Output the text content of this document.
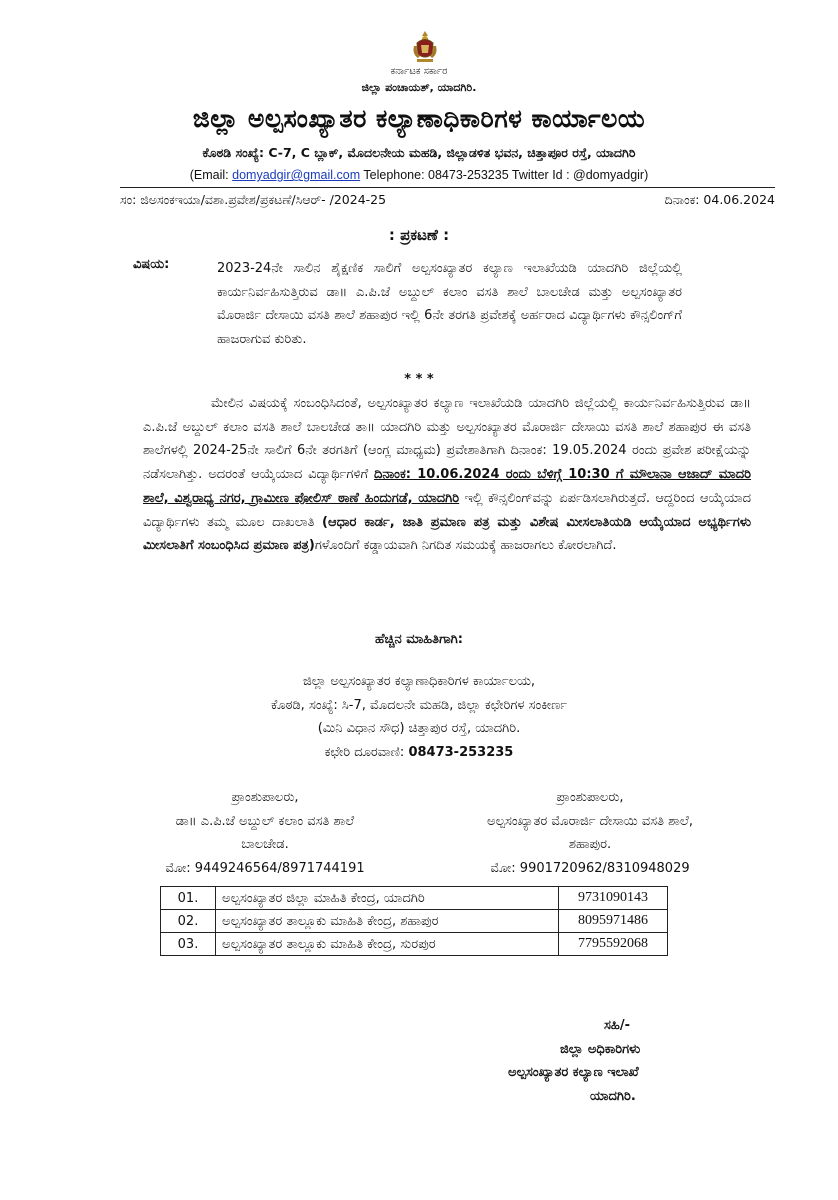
ಕರ್ನಾಟಕ ಸರ್ಕಾರ
ಜಿಲ್ಲಾ ಪಂಚಾಯತ್, ಯಾದಗಿರಿ.
ಜಿಲ್ಲಾ ಅಲ್ಪಸಂಖ್ಯಾತರ ಕಲ್ಯಾಣಾಧಿಕಾರಿಗಳ ಕಾರ್ಯಾಲಯ
ಕೊಠಡಿ ಸಂಖ್ಯೆ: C-7, C ಬ್ಲಾಕ್, ಮೊದಲನೇಯ ಮಹಡಿ, ಜಿಲ್ಲಾಡಳಿತ ಭವನ, ಚಿತ್ತಾಪೂರ ರಸ್ತೆ, ಯಾದಗಿರಿ
(Email: domyadgir@gmail.com Telephone: 08473-253235 Twitter Id : @domyadgir)
ಸಂ: ಜಿಅಸಂಕಇಯಾ/ವಶಾ.ಪ್ರವೇಶ/ಪ್ರಕಟಣೆ/ಸಿಆರ್- /2024-25	ದಿನಾಂಕ: 04.06.2024
: ಪ್ರಕಟಣೆ :
ವಿಷಯ:	2023-24ನೇ ಸಾಲಿನ ಶೈಕ್ಷಣಿಕ ಸಾಲಿಗೆ ಅಲ್ಪಸಂಖ್ಯಾತರ ಕಲ್ಯಾಣ ಇಲಾಖೆಯಡಿ ಯಾದಗಿರಿ ಜಿಲ್ಲೆಯಲ್ಲಿ ಕಾರ್ಯನಿರ್ವಹಿಸುತ್ತಿರುವ ಡಾ॥ ಎ.ಪಿ.ಜೆ ಅಬ್ದುಲ್ ಕಲಾಂ ವಸತಿ ಶಾಲೆ ಬಾಲಚೇಡ ಮತ್ತು ಅಲ್ಪಸಂಖ್ಯಾತರ ಮೊರಾರ್ಜಿ ದೇಸಾಯಿ ವಸತಿ ಶಾಲೆ ಶಹಾಪುರ ಇಲ್ಲಿ 6ನೇ ತರಗತಿ ಪ್ರವೇಶಕ್ಕೆ ಅರ್ಹರಾದ ವಿದ್ಯಾರ್ಥಿಗಳು ಕೌನ್ಸಲಿಂಗ್‌ಗೆ ಹಾಜರಾಗುವ ಕುರಿತು.
* * *
ಮೇಲಿನ ವಿಷಯಕ್ಕೆ ಸಂಬಂಧಿಸಿದಂತೆ, ಅಲ್ಪಸಂಖ್ಯಾತರ ಕಲ್ಯಾಣ ಇಲಾಖೆಯಡಿ ಯಾದಗಿರಿ ಜಿಲ್ಲೆಯಲ್ಲಿ ಕಾರ್ಯನಿರ್ವಹಿಸುತ್ತಿರುವ ಡಾ॥ ಎ.ಪಿ.ಜೆ ಅಬ್ದುಲ್ ಕಲಾಂ ವಸತಿ ಶಾಲೆ ಬಾಲಚೇಡ ತಾ॥ ಯಾದಗಿರಿ ಮತ್ತು ಅಲ್ಪಸಂಖ್ಯಾತರ ಮೊರಾರ್ಜಿ ದೇಸಾಯಿ ವಸತಿ ಶಾಲೆ ಶಹಾಪುರ ಈ ವಸತಿ ಶಾಲೆಗಳಲ್ಲಿ 2024-25ನೇ ಸಾಲಿಗೆ 6ನೇ ತರಗತಿಗೆ (ಆಂಗ್ಲ ಮಾಧ್ಯಮ) ಪ್ರವೇಶಾತಿಗಾಗಿ ದಿನಾಂಕ: 19.05.2024 ರಂದು ಪ್ರವೇಶ ಪರೀಕ್ಷೆಯನ್ನು ನಡೆಸಲಾಗಿತ್ತು. ಅದರಂತೆ ಆಯ್ಕೆಯಾದ ವಿದ್ಯಾರ್ಥಿಗಳಿಗೆ ದಿನಾಂಕ: 10.06.2024 ರಂದು ಬೆಳಿಗ್ಗೆ 10:30 ಗೆ ಮೌಲಾನಾ ಆಜಾದ್ ಮಾದರಿ ಶಾಲೆ, ವಿಶ್ವರಾಧ್ಯ ನಗರ, ಗ್ರಾಮೀಣ ಪೋಲಿಸ್ ಠಾಣೆ ಹಿಂದುಗಡೆ, ಯಾದಗಿರಿ ಇಲ್ಲಿ ಕೌನ್ಸಲಿಂಗ್‌ವನ್ನು ಏರ್ಪಡಿಸಲಾಗಿರುತ್ತದೆ. ಆದ್ದರಿಂದ ಆಯ್ಕೆಯಾದ ವಿದ್ಯಾರ್ಥಿಗಳು ತಮ್ಮ ಮೂಲ ದಾಖಲಾತಿ (ಆಧಾರ ಕಾರ್ಡ, ಜಾತಿ ಪ್ರಮಾಣ ಪತ್ರ ಮತ್ತು ವಿಶೇಷ ಮೀಸಲಾತಿಯಡಿ ಆಯ್ಕೆಯಾದ ಅಭ್ಯರ್ಥಿಗಳು ಮೀಸಲಾತಿಗೆ ಸಂಬಂಧಿಸಿದ ಪ್ರಮಾಣ ಪತ್ರ)ಗಳೊಂದಿಗೆ ಕಡ್ಡಾಯವಾಗಿ ನಿಗದಿತ ಸಮಯಕ್ಕೆ ಹಾಜರಾಗಲು ಕೋರಲಾಗಿದೆ.
ಹೆಚ್ಚಿನ ಮಾಹಿತಿಗಾಗಿ:
ಜಿಲ್ಲಾ ಅಲ್ಪಸಂಖ್ಯಾತರ ಕಲ್ಯಾಣಾಧಿಕಾರಿಗಳ ಕಾರ್ಯಾಲಯ,
ಕೊಠಡಿ, ಸಂಖ್ಯೆ: ಸಿ-7, ಮೊದಲನೇ ಮಹಡಿ, ಜಿಲ್ಲಾ ಕಛೇರಿಗಳ ಸಂಕೀರ್ಣ
(ಮಿನಿ ವಿಧಾನ ಸೌಧ) ಚಿತ್ತಾಪುರ ರಸ್ತೆ, ಯಾದಗಿರಿ.
ಕಛೇರಿ ದೂರವಾಣಿ: 08473-253235
ಪ್ರಾಂಶುಪಾಲರು,
ಡಾ॥ ಎ.ಪಿ.ಜೆ ಅಬ್ದುಲ್ ಕಲಾಂ ವಸತಿ ಶಾಲೆ
ಬಾಲಚೇಡ.
ಮೋ: 9449246564/8971744191
ಪ್ರಾಂಶುಪಾಲರು,
ಅಲ್ಪಸಂಖ್ಯಾತರ ಮೊರಾರ್ಜಿ ದೇಸಾಯಿ ವಸತಿ ಶಾಲೆ,
ಶಹಾಪುರ.
ಮೋ: 9901720962/8310948029
01.	ಅಲ್ಪಸಂಖ್ಯಾತರ ಜಿಲ್ಲಾ ಮಾಹಿತಿ ಕೇಂದ್ರ, ಯಾದಗಿರಿ	9731090143
02.	ಅಲ್ಪಸಂಖ್ಯಾತರ ತಾಲ್ಲೂಕು ಮಾಹಿತಿ ಕೇಂದ್ರ, ಶಹಾಪುರ	8095971486
03.	ಅಲ್ಪಸಂಖ್ಯಾತರ ತಾಲ್ಲೂಕು ಮಾಹಿತಿ ಕೇಂದ್ರ, ಸುರಪುರ	7795592068
ಸಹಿ/-
ಜಿಲ್ಲಾ ಅಧಿಕಾರಿಗಳು
ಅಲ್ಪಸಂಖ್ಯಾತರ ಕಲ್ಯಾಣ ಇಲಾಖೆ
ಯಾದಗಿರಿ.
